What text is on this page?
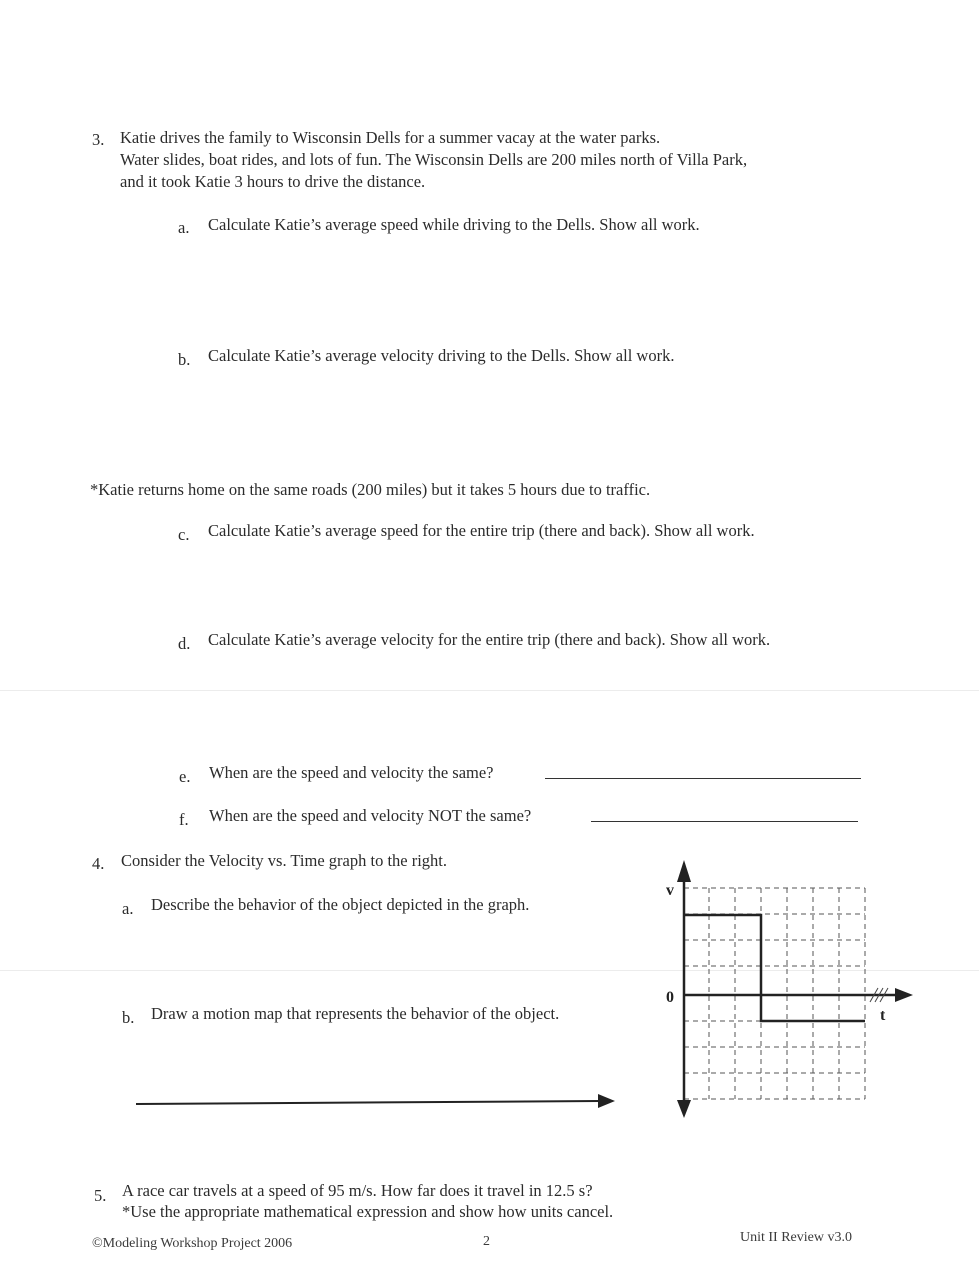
3. Katie drives the family to Wisconsin Dells for a summer vacay at the water parks.
Water slides, boat rides, and lots of fun. The Wisconsin Dells are 200 miles north of Villa Park,
and it took Katie 3 hours to drive the distance.
a. Calculate Katie’s average speed while driving to the Dells. Show all work.
b. Calculate Katie’s average velocity driving to the Dells. Show all work.
*Katie returns home on the same roads (200 miles) but it takes 5 hours due to traffic.
c. Calculate Katie’s average speed for the entire trip (there and back). Show all work.
d. Calculate Katie’s average velocity for the entire trip (there and back). Show all work.
e. When are the speed and velocity the same?
f. When are the speed and velocity NOT the same?
4. Consider the Velocity vs. Time graph to the right.
a. Describe the behavior of the object depicted in the graph.
b. Draw a motion map that represents the behavior of the object.
v
t
0
5. A race car travels at a speed of 95 m/s. How far does it travel in 12.5 s?
*Use the appropriate mathematical expression and show how units cancel.
©Modeling Workshop Project 2006	2	Unit II Review v3.0
